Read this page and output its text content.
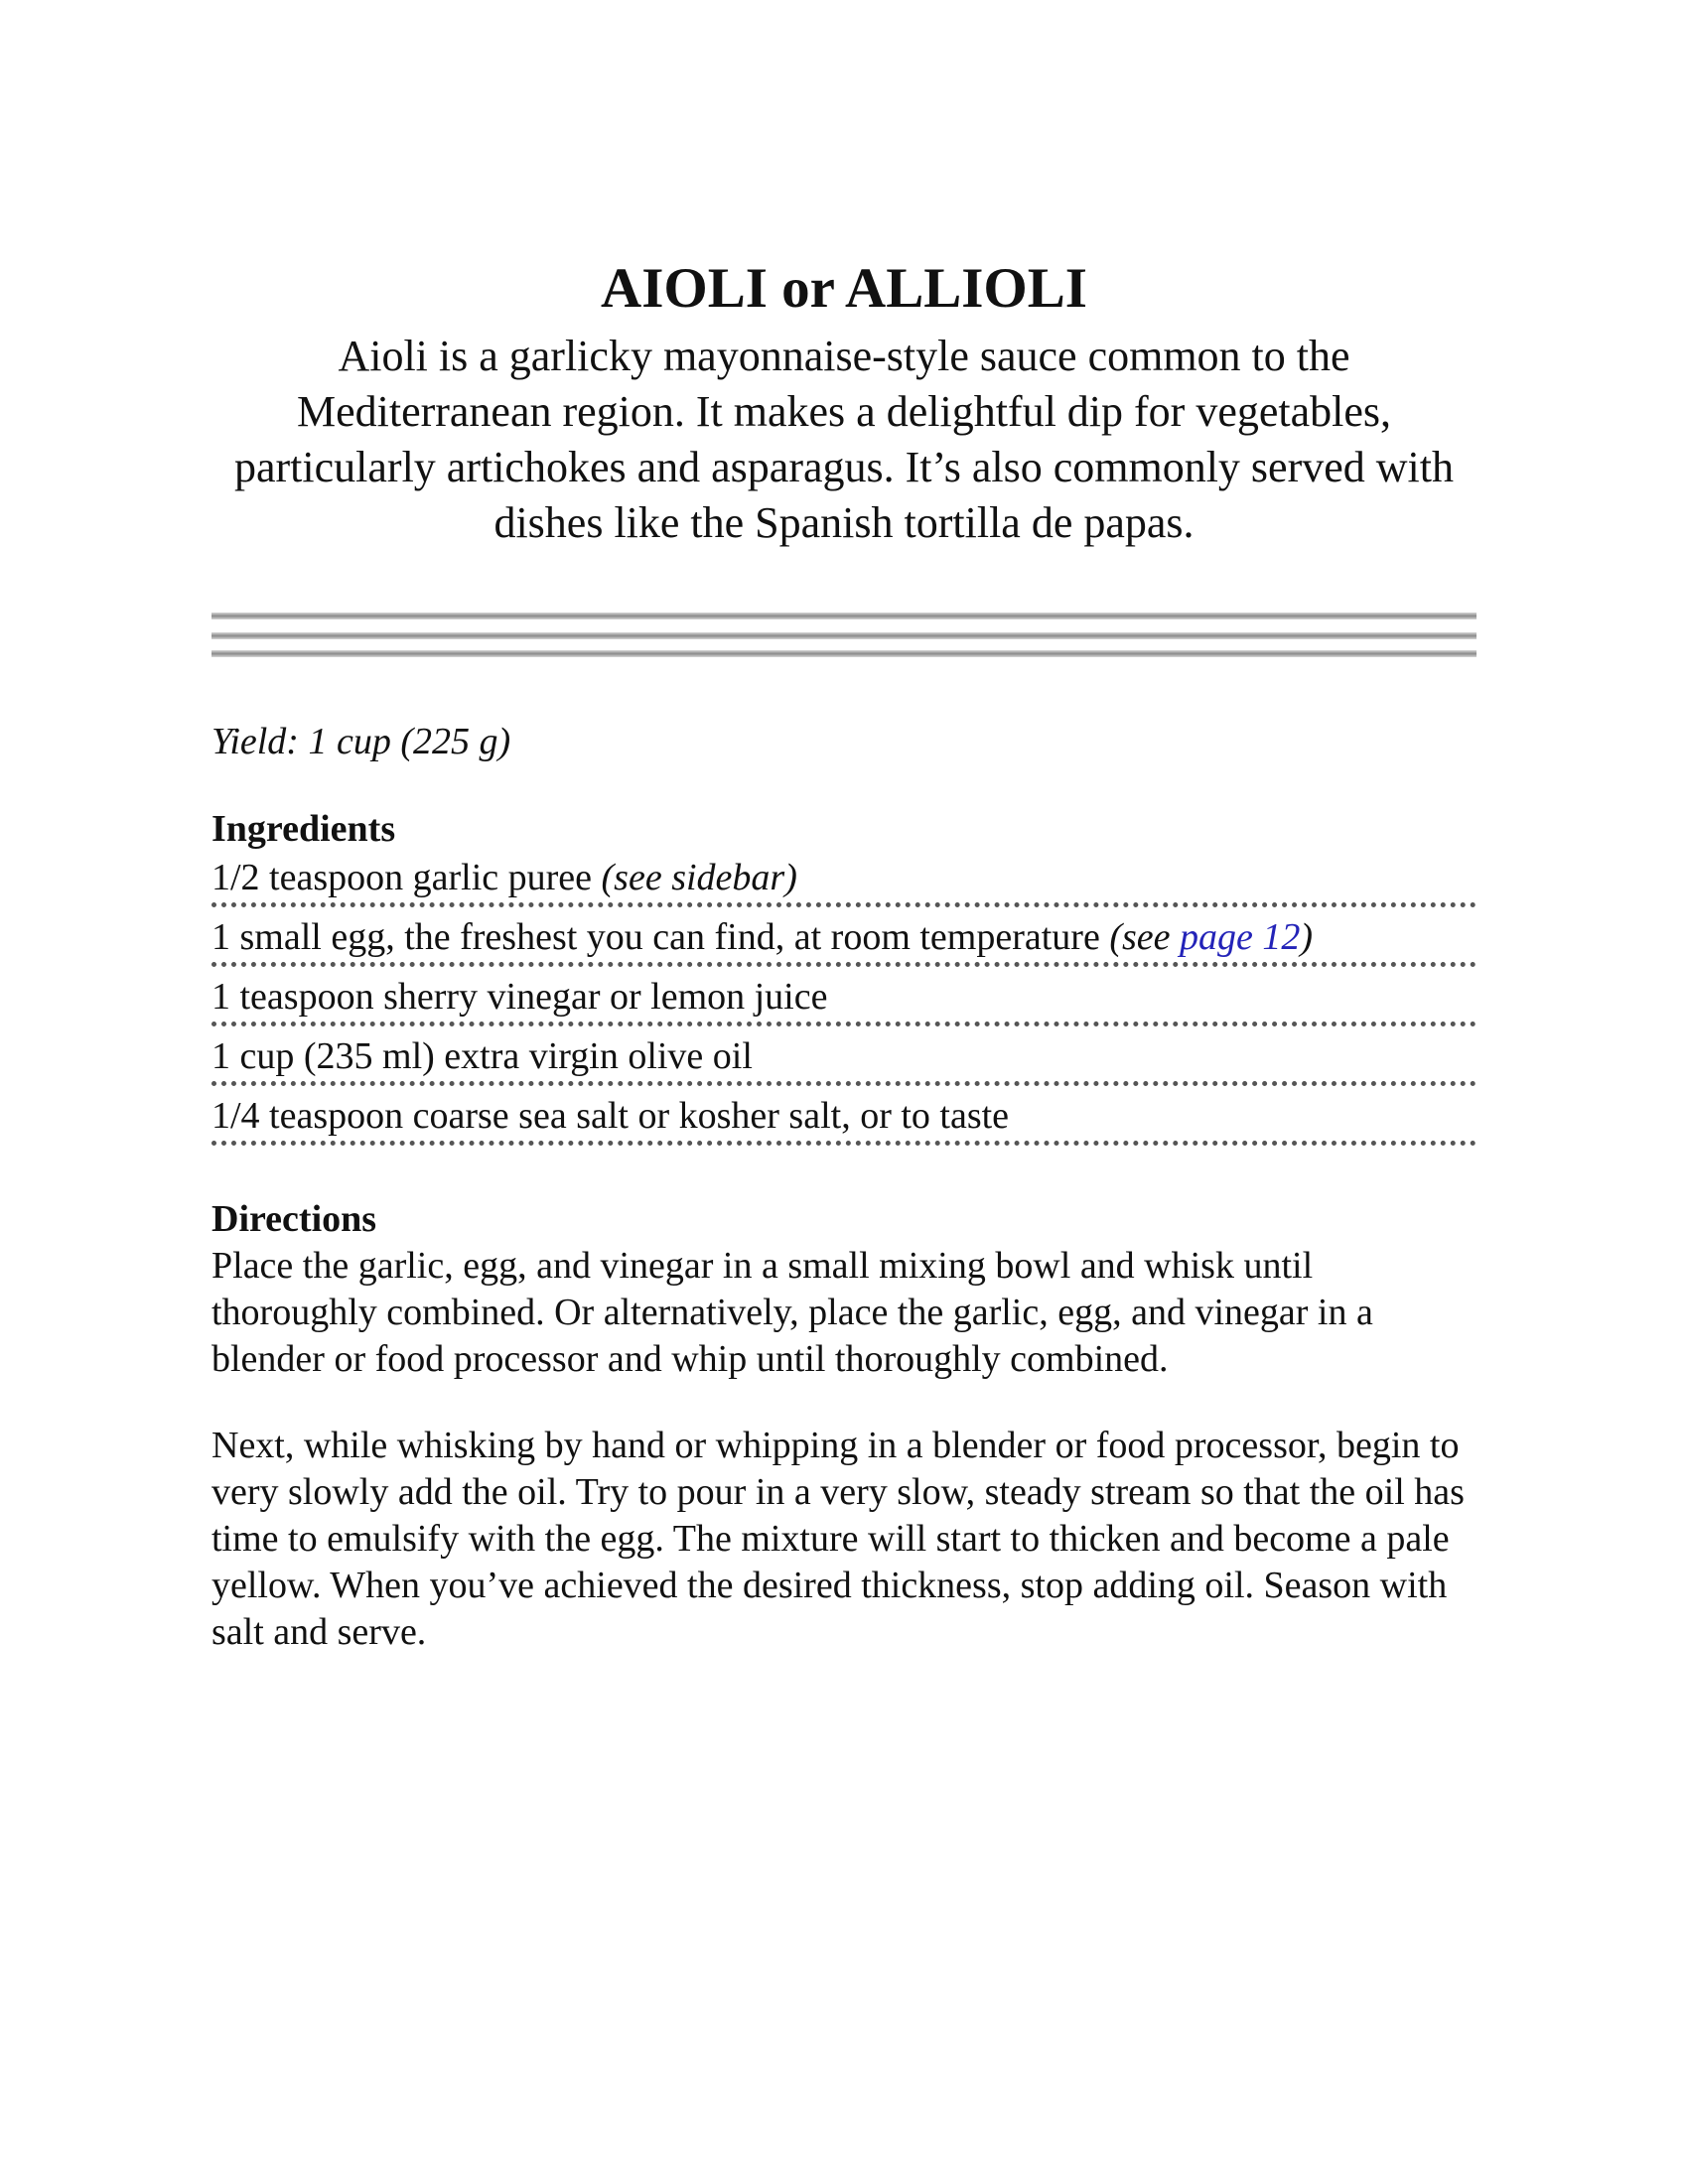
AIOLI or ALLIOLI

Aioli is a garlicky mayonnaise-style sauce common to the Mediterranean region. It makes a delightful dip for vegetables, particularly artichokes and asparagus. It’s also commonly served with dishes like the Spanish tortilla de papas.

Yield: 1 cup (225 g)
Ingredients
1/2 teaspoon garlic puree (see sidebar)
1 small egg, the freshest you can find, at room temperature (see page 12)
1 teaspoon sherry vinegar or lemon juice
1 cup (235 ml) extra virgin olive oil
1/4 teaspoon coarse sea salt or kosher salt, or to taste
Directions

Place the garlic, egg, and vinegar in a small mixing bowl and whisk until thoroughly combined. Or alternatively, place the garlic, egg, and vinegar in a blender or food processor and whip until thoroughly combined.

Next, while whisking by hand or whipping in a blender or food processor, begin to very slowly add the oil. Try to pour in a very slow, steady stream so that the oil has time to emulsify with the egg. The mixture will start to thicken and become a pale yellow. When you’ve achieved the desired thickness, stop adding oil. Season with salt and serve.
